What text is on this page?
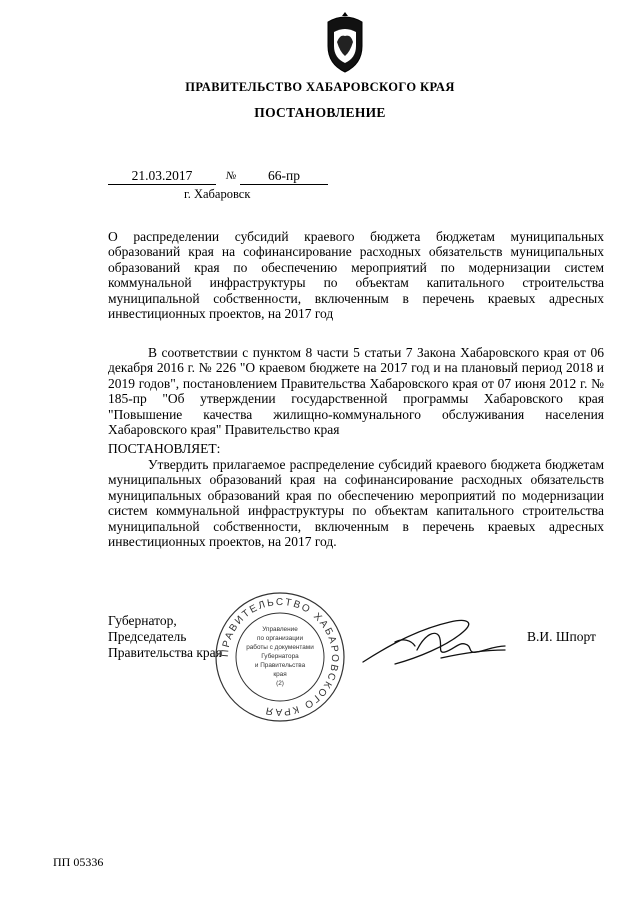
ПРАВИТЕЛЬСТВО ХАБАРОВСКОГО КРАЯ
ПОСТАНОВЛЕНИЕ
21.03.2017	№	66-пр
г. Хабаровск
О распределении субсидий краевого бюджета бюджетам муниципальных образований края на софинансирование расходных обязательств муниципальных образований края по обеспечению мероприятий по модернизации систем коммунальной инфраструктуры по объектам капитального строительства муниципальной собственности, включенным в перечень краевых адресных инвестиционных проектов, на 2017 год
В соответствии с пунктом 8 части 5 статьи 7 Закона Хабаровского края от 06 декабря 2016 г. № 226 "О краевом бюджете на 2017 год и на плановый период 2018 и 2019 годов", постановлением Правительства Хабаровского края от 07 июня 2012 г. № 185-пр "Об утверждении государственной программы Хабаровского края "Повышение качества жилищно-коммунального обслуживания населения Хабаровского края" Правительство края
ПОСТАНОВЛЯЕТ:
Утвердить прилагаемое распределение субсидий краевого бюджета бюджетам муниципальных образований края на софинансирование расходных обязательств муниципальных образований края по обеспечению мероприятий по модернизации систем коммунальной инфраструктуры по объектам капитального строительства муниципальной собственности, включенным в перечень краевых адресных инвестиционных проектов, на 2017 год.
Губернатор, Председатель
Правительства края
В.И. Шпорт
ПРАВИТЕЛЬСТВО ХАБАРОВСКОГО КРАЯ
Управление
по организации
работы с документами
Губернатора
и Правительства
края
(2)
ПП 05336
